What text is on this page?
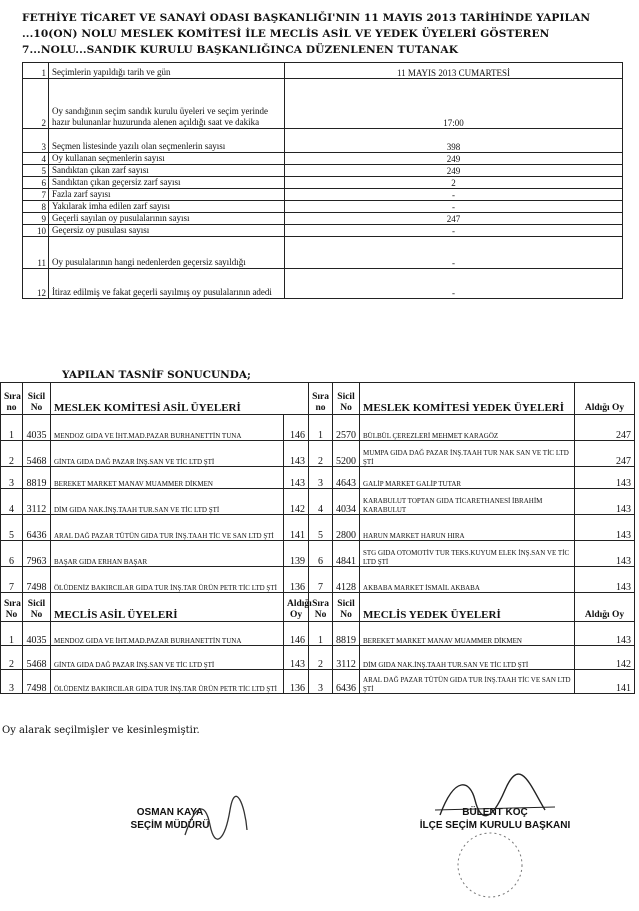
FETHİYE TİCARET VE SANAYİ ODASI BAŞKANLIĞI'NIN 11 MAYIS 2013 TARİHİNDE YAPILAN
...10(ON) NOLU MESLEK KOMİTESİ İLE MECLİS ASİL VE YEDEK ÜYELERİ GÖSTEREN
7...NOLU...SANDIK KURULU BAŞKANLIĞINCA DÜZENLENEN TUTANAK
1	Seçimlerin yapıldığı tarih ve gün	11 MAYIS 2013 CUMARTESİ
2	Oy sandığının seçim sandık kurulu üyeleri ve seçim yerinde hazır bulunanlar huzurunda alenen açıldığı saat ve dakika	17:00
3	Seçmen listesinde yazılı olan seçmenlerin sayısı	398
4	Oy kullanan seçmenlerin sayısı	249
5	Sandıktan çıkan zarf sayısı	249
6	Sandıktan çıkan geçersiz zarf sayısı	2
7	Fazla zarf sayısı	-
8	Yakılarak imha edilen zarf sayısı	-
9	Geçerli sayılan oy pusulalarının sayısı	247
10	Geçersiz oy pusulası sayısı	-
11	Oy pusulalarının hangi nedenlerden geçersiz sayıldığı	-
12	İtiraz edilmiş ve fakat geçerli sayılmış oy pusulalarının adedi	-
YAPILAN TASNİF SONUCUNDA;
Sıra no	Sicil No	MESLEK KOMİTESİ ASİL ÜYELERİ		Sıra no	Sicil No	MESLEK KOMİTESİ YEDEK ÜYELERİ	Aldığı Oy
1	4035	MENDOZ GIDA VE İHT.MAD.PAZAR BURHANETTİN TUNA	146	1	2570	BÜLBÜL ÇEREZLERİ MEHMET KARAGÖZ	247
2	5468	GİNTA GIDA DAĞ PAZAR İNŞ.SAN VE TİC LTD ŞTİ	143	2	5200	MUMPA GIDA DAĞ PAZAR İNŞ.TAAH TUR NAK SAN VE TİC LTD ŞTİ	247
3	8819	BEREKET MARKET MANAV MUAMMER DİKMEN	143	3	4643	GALİP MARKET GALİP TUTAR	143
4	3112	DİM GIDA NAK.İNŞ.TAAH TUR.SAN VE TİC LTD ŞTİ	142	4	4034	KARABULUT TOPTAN GIDA TİCARETHANESİ İBRAHİM KARABULUT	143
5	6436	ARAL DAĞ PAZAR TÜTÜN GIDA TUR İNŞ.TAAH TİC VE SAN LTD ŞTİ	141	5	2800	HARUN MARKET HARUN HIRA	143
6	7963	BAŞAR GIDA ERHAN BAŞAR	139	6	4841	STG GIDA OTOMOTİV TUR TEKS.KUYUM ELEK İNŞ.SAN VE TİC LTD ŞTİ	143
7	7498	ÖLÜDENİZ BAKIRCILAR GIDA TUR İNŞ.TAR ÜRÜN PETR TİC LTD ŞTİ	136	7	4128	AKBABA MARKET İSMAİL AKBABA	143
Sıra No	Sicil No	MECLİS ASİL ÜYELERİ	Aldığı Oy	Sıra No	Sicil No	MECLİS YEDEK ÜYELERİ	Aldığı Oy
1	4035	MENDOZ GIDA VE İHT.MAD.PAZAR BURHANETTİN TUNA	146	1	8819	BEREKET MARKET MANAV MUAMMER DİKMEN	143
2	5468	GİNTA GIDA DAĞ PAZAR İNŞ.SAN VE TİC LTD ŞTİ	143	2	3112	DİM GIDA NAK.İNŞ.TAAH TUR.SAN VE TİC LTD ŞTİ	142
3	7498	ÖLÜDENİZ BAKIRCILAR GIDA TUR İNŞ.TAR ÜRÜN PETR TİC LTD ŞTİ	136	3	6436	ARAL DAĞ PAZAR TÜTÜN GIDA TUR İNŞ.TAAH TİC VE SAN LTD ŞTİ	141
Oy alarak seçilmişler ve kesinleşmiştir.
OSMAN KAYA
SEÇİM MÜDÜRÜ
BÜLENT KOÇ
İLÇE SEÇİM KURULU BAŞKANI
